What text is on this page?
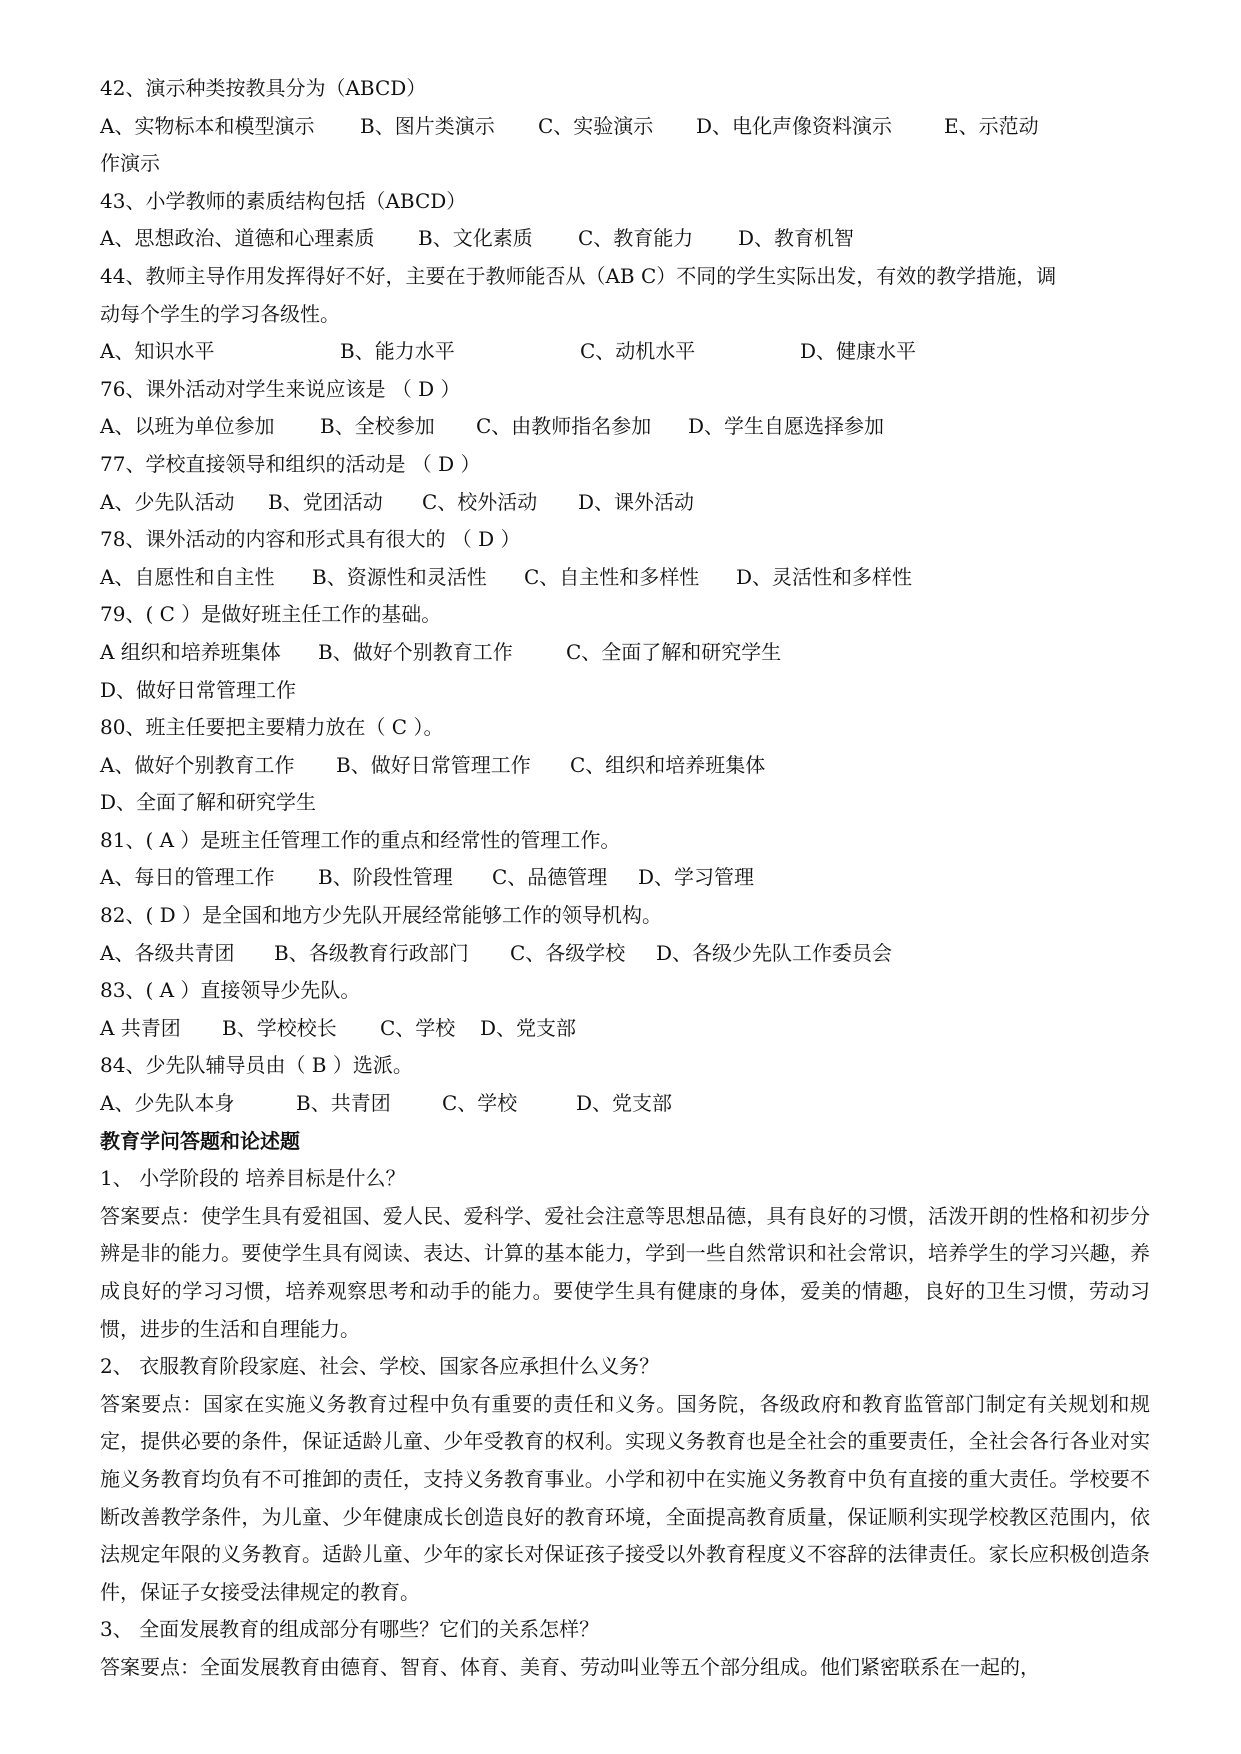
42、演示种类按教具分为（ABCD）
A、实物标本和模型演示	B、图片类演示	C、实验演示	D、电化声像资料演示	E、示范动
作演示
43、小学教师的素质结构包括（ABCD）
A、思想政治、道德和心理素质	B、文化素质	C、教育能力	D、教育机智
44、教师主导作用发挥得好不好，主要在于教师能否从（AB C）不同的学生实际出发，有效的教学措施，调
动每个学生的学习各级性。
A、知识水平	B、能力水平	C、动机水平	D、健康水平
76、课外活动对学生来说应该是 （ D ）
A、以班为单位参加	B、全校参加	C、由教师指名参加	D、学生自愿选择参加
77、学校直接领导和组织的活动是 （ D ）
A、少先队活动	B、党团活动	C、校外活动	D、课外活动
78、课外活动的内容和形式具有很大的 （ D ）
A、自愿性和自主性	B、资源性和灵活性	C、自主性和多样性	D、灵活性和多样性
79、( C ）是做好班主任工作的基础。
A 组织和培养班集体	B、做好个别教育工作	C、全面了解和研究学生
D、做好日常管理工作
80、班主任要把主要精力放在（ C ）。
A、做好个别教育工作	B、做好日常管理工作	C、组织和培养班集体
D、全面了解和研究学生
81、( A ）是班主任管理工作的重点和经常性的管理工作。
A、每日的管理工作	B、阶段性管理	C、品德管理	D、学习管理
82、( D ）是全国和地方少先队开展经常能够工作的领导机构。
A、各级共青团	B、各级教育行政部门	C、各级学校	D、各级少先队工作委员会
83、( A ）直接领导少先队。
A 共青团	B、学校校长	C、学校	D、党支部
84、少先队辅导员由（ B ）选派。
A、少先队本身	B、共青团	C、学校	D、党支部
教育学问答题和论述题
1、 小学阶段的 培养目标是什么？

答案要点：使学生具有爱祖国、爱人民、爱科学、爱社会注意等思想品德，具有良好的习惯，活泼开朗的性格和初步分辨是非的能力。要使学生具有阅读、表达、计算的基本能力，学到一些自然常识和社会常识，培养学生的学习兴趣，养成良好的学习习惯，培养观察思考和动手的能力。要使学生具有健康的身体，爱美的情趣，良好的卫生习惯，劳动习惯，进步的生活和自理能力。

2、 衣服教育阶段家庭、社会、学校、国家各应承担什么义务？

答案要点：国家在实施义务教育过程中负有重要的责任和义务。国务院，各级政府和教育监管部门制定有关规划和规定，提供必要的条件，保证适龄儿童、少年受教育的权利。实现义务教育也是全社会的重要责任，全社会各行各业对实施义务教育均负有不可推卸的责任，支持义务教育事业。小学和初中在实施义务教育中负有直接的重大责任。学校要不断改善教学条件，为儿童、少年健康成长创造良好的教育环境，全面提高教育质量，保证顺利实现学校教区范围内，依法规定年限的义务教育。适龄儿童、少年的家长对保证孩子接受以外教育程度义不容辞的法律责任。家长应积极创造条件，保证子女接受法律规定的教育。

3、 全面发展教育的组成部分有哪些？它们的关系怎样？

答案要点：全面发展教育由德育、智育、体育、美育、劳动叫业等五个部分组成。他们紧密联系在一起的，
